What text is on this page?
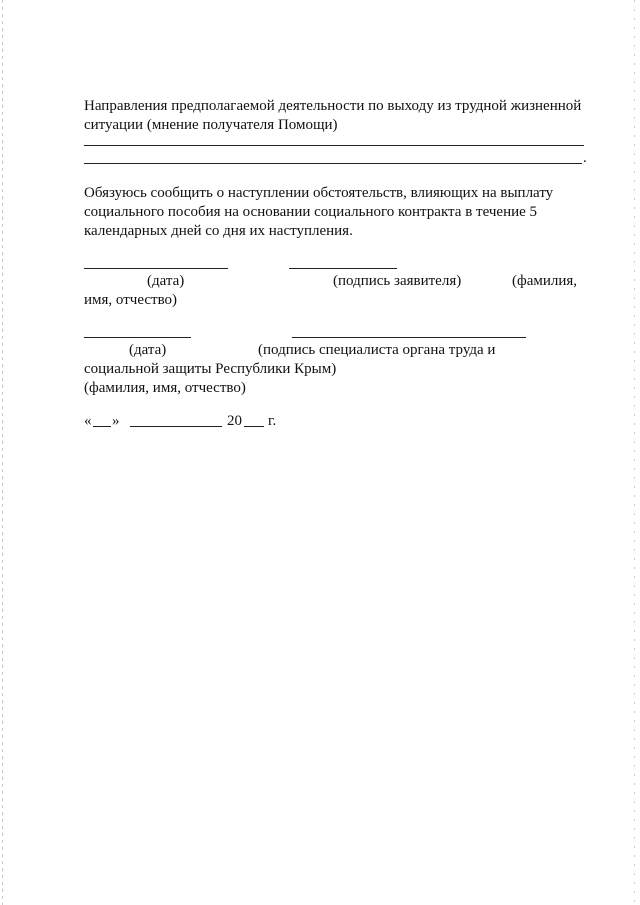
Направления предполагаемой деятельности по выходу из трудной жизненной
ситуации (мнение получателя Помощи)
.
Обязуюсь сообщить о наступлении обстоятельств, влияющих на выплату
социального пособия на основании социального контракта в течение 5
календарных дней со дня их наступления.
(дата)	(подпись заявителя)	(фамилия,
имя, отчество)
(дата)	(подпись специалиста органа труда и
социальной защиты Республики Крым)
(фамилия, имя, отчество)
« »	20 г.
